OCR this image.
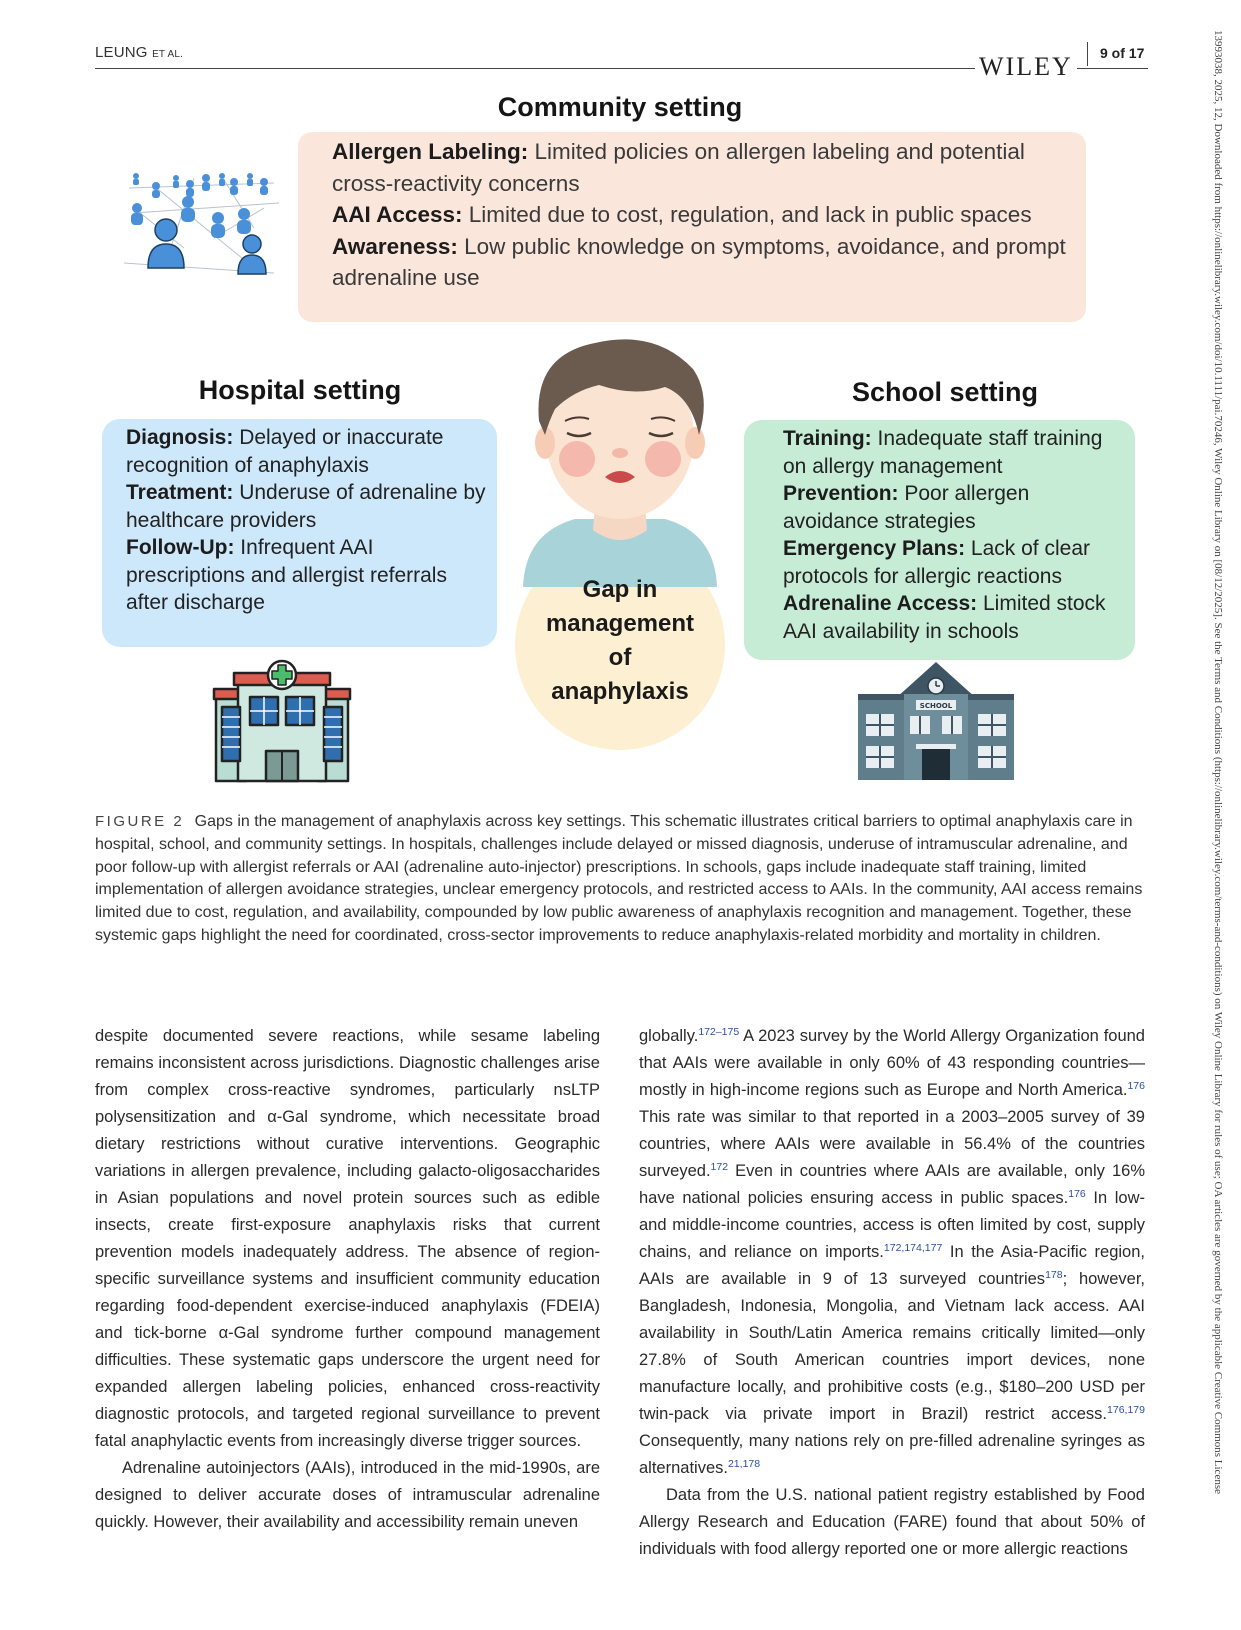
LEUNG ET AL.	WILEY 9 of 17	13993038, 2025, 12, Downloaded from https://onlinelibrary.wiley.com/doi/10.1111/pai.70246, Wiley Online Library on [08/12/2025]. See the Terms and Conditions (https://onlinelibrary.wiley.com/terms-and-conditions) on Wiley Online Library for rules of use; OA articles are governed by the applicable Creative Commons License
Community setting
Allergen Labeling: Limited policies on allergen labeling and potential cross-reactivity concerns
AAI Access: Limited due to cost, regulation, and lack in public spaces
Awareness: Low public knowledge on symptoms, avoidance, and prompt adrenaline use
Hospital setting
Diagnosis: Delayed or inaccurate recognition of anaphylaxis
Treatment: Underuse of adrenaline by healthcare providers
Follow-Up: Infrequent AAI prescriptions and allergist referrals after discharge
School setting
Training: Inadequate staff training on allergy management
Prevention: Poor allergen avoidance strategies
Emergency Plans: Lack of clear protocols for allergic reactions
Adrenaline Access: Limited stock AAI availability in schools
SCHOOL
Gap in
management
of
anaphylaxis
FIGURE 2 Gaps in the management of anaphylaxis across key settings. This schematic illustrates critical barriers to optimal anaphylaxis care in hospital, school, and community settings. In hospitals, challenges include delayed or missed diagnosis, underuse of intramuscular adrenaline, and poor follow-up with allergist referrals or AAI (adrenaline auto-injector) prescriptions. In schools, gaps include inadequate staff training, limited implementation of allergen avoidance strategies, unclear emergency protocols, and restricted access to AAIs. In the community, AAI access remains limited due to cost, regulation, and availability, compounded by low public awareness of anaphylaxis recognition and management. Together, these systemic gaps highlight the need for coordinated, cross-sector improvements to reduce anaphylaxis-related morbidity and mortality in children.

despite documented severe reactions, while sesame labeling remains inconsistent across jurisdictions. Diagnostic challenges arise from complex cross-reactive syndromes, particularly nsLTP polysensitization and α-Gal syndrome, which necessitate broad dietary restrictions without curative interventions. Geographic variations in allergen prevalence, including galacto-oligosaccharides in Asian populations and novel protein sources such as edible insects, create first-exposure anaphylaxis risks that current prevention models inadequately address. The absence of region-specific surveillance systems and insufficient community education regarding food-dependent exercise-induced anaphylaxis (FDEIA) and tick-borne α-Gal syndrome further compound management difficulties. These systematic gaps underscore the urgent need for expanded allergen labeling policies, enhanced cross-reactivity diagnostic protocols, and targeted regional surveillance to prevent fatal anaphylactic events from increasingly diverse trigger sources.

Adrenaline autoinjectors (AAIs), introduced in the mid-1990s, are designed to deliver accurate doses of intramuscular adrenaline quickly. However, their availability and accessibility remain uneven

globally.$^{172-175}$ A 2023 survey by the World Allergy Organization found that AAIs were available in only 60% of 43 responding countries—mostly in high-income regions such as Europe and North America.$^{176}$ This rate was similar to that reported in a 2003–2005 survey of 39 countries, where AAIs were available in 56.4% of the countries surveyed.$^{172}$ Even in countries where AAIs are available, only 16% have national policies ensuring access in public spaces.$^{176}$ In low- and middle-income countries, access is often limited by cost, supply chains, and reliance on imports.$^{172,174,177}$ In the Asia-Pacific region, AAIs are available in 9 of 13 surveyed countries$^{178}$; however, Bangladesh, Indonesia, Mongolia, and Vietnam lack access. AAI availability in South/Latin America remains critically limited—only 27.8% of South American countries import devices, none manufacture locally, and prohibitive costs (e.g., $180–200 USD per twin-pack via private import in Brazil) restrict access.$^{176,179}$ Consequently, many nations rely on pre-filled adrenaline syringes as alternatives.$^{21,178}$

Data from the U.S. national patient registry established by Food Allergy Research and Education (FARE) found that about 50% of individuals with food allergy reported one or more allergic reactions
